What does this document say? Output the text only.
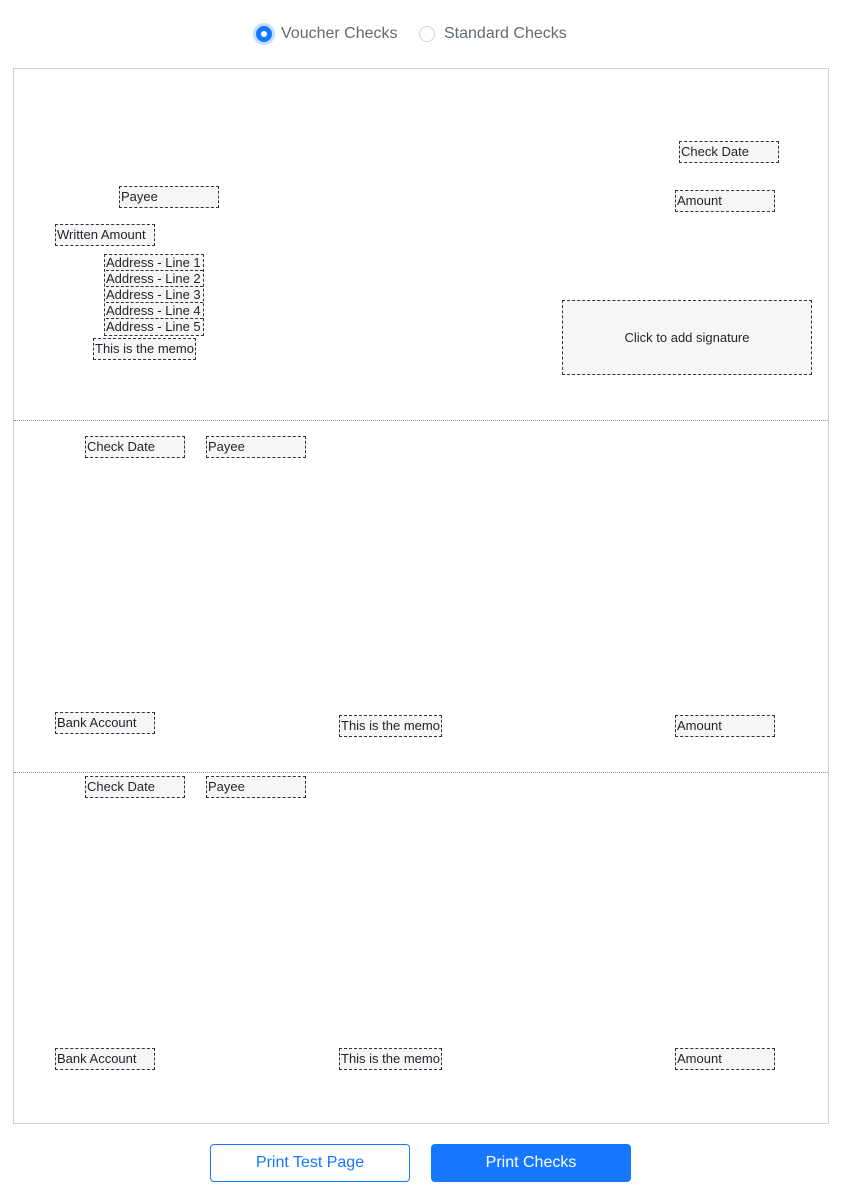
Voucher Checks	Standard Checks
Check Date
Payee	Amount
Written Amount
Address - Line 1
Address - Line 2
Address - Line 3
Address - Line 4
Address - Line 5
This is the memo
Click to add signature
Check Date	Payee
Bank Account	This is the memo	Amount
Check Date	Payee
Bank Account	This is the memo	Amount
Print Test Page	Print Checks
